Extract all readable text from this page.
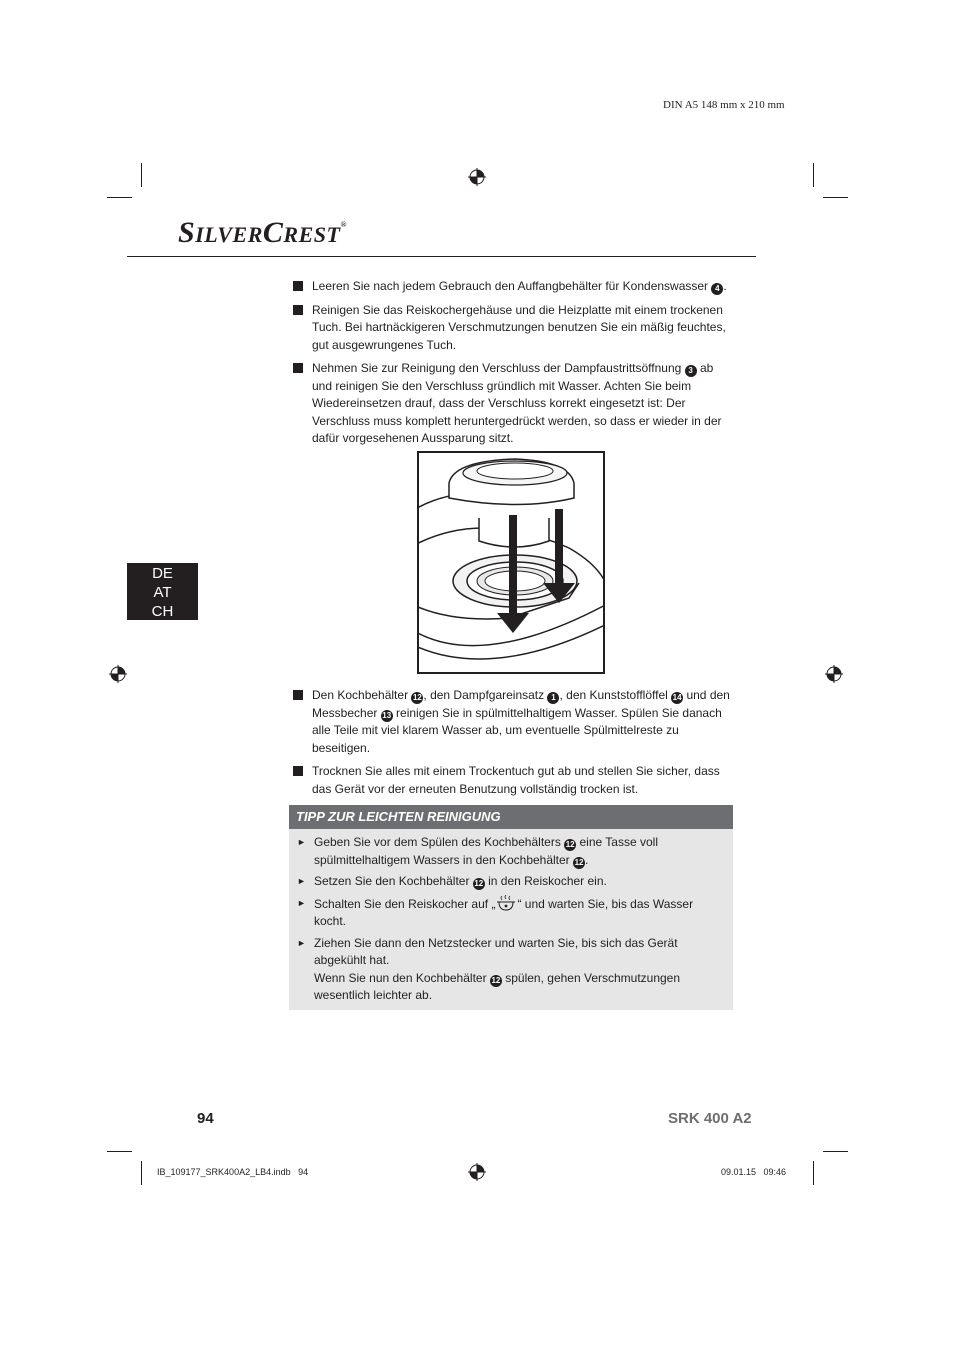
DIN A5 148 mm x 210 mm
SILVERCREST®
DE
AT
CH
Leeren Sie nach jedem Gebrauch den Auffangbehälter für Kondenswasser 4 .
Reinigen Sie das Reiskochergehäuse und die Heizplatte mit einem trockenen Tuch. Bei hartnäckigeren Verschmutzungen benutzen Sie ein mäßig feuchtes, gut ausgewrungenes Tuch.
Nehmen Sie zur Reinigung den Verschluss der Dampfaustrittsöffnung 3 ab und reinigen Sie den Verschluss gründlich mit Wasser. Achten Sie beim Wiedereinsetzen drauf, dass der Verschluss korrekt eingesetzt ist: Der Verschluss muss komplett heruntergedrückt werden, so dass er wieder in der dafür vorgesehenen Aussparung sitzt.
Den Kochbehälter 12 , den Dampfgareinsatz 1 , den Kunststofflöffel 14 und den Messbecher 13 reinigen Sie in spülmittelhaltigem Wasser. Spülen Sie danach alle Teile mit viel klarem Wasser ab, um eventuelle Spülmittelreste zu beseitigen.
Trocknen Sie alles mit einem Trockentuch gut ab und stellen Sie sicher, dass das Gerät vor der erneuten Benutzung vollständig trocken ist.
TIPP ZUR LEICHTEN REINIGUNG
► Geben Sie vor dem Spülen des Kochbehälters 12 eine Tasse voll spülmittelhaltigem Wassers in den Kochbehälter 12 .
► Setzen Sie den Kochbehälter 12 in den Reiskocher ein.
► Schalten Sie den Reiskocher auf „ “ und warten Sie, bis das Wasser kocht.
► Ziehen Sie dann den Netzstecker und warten Sie, bis sich das Gerät abgekühlt hat.
Wenn Sie nun den Kochbehälter 12 spülen, gehen Verschmutzungen wesentlich leichter ab.
94	SRK 400 A2
IB_109177_SRK400A2_LB4.indb   94	09.01.15   09:46
